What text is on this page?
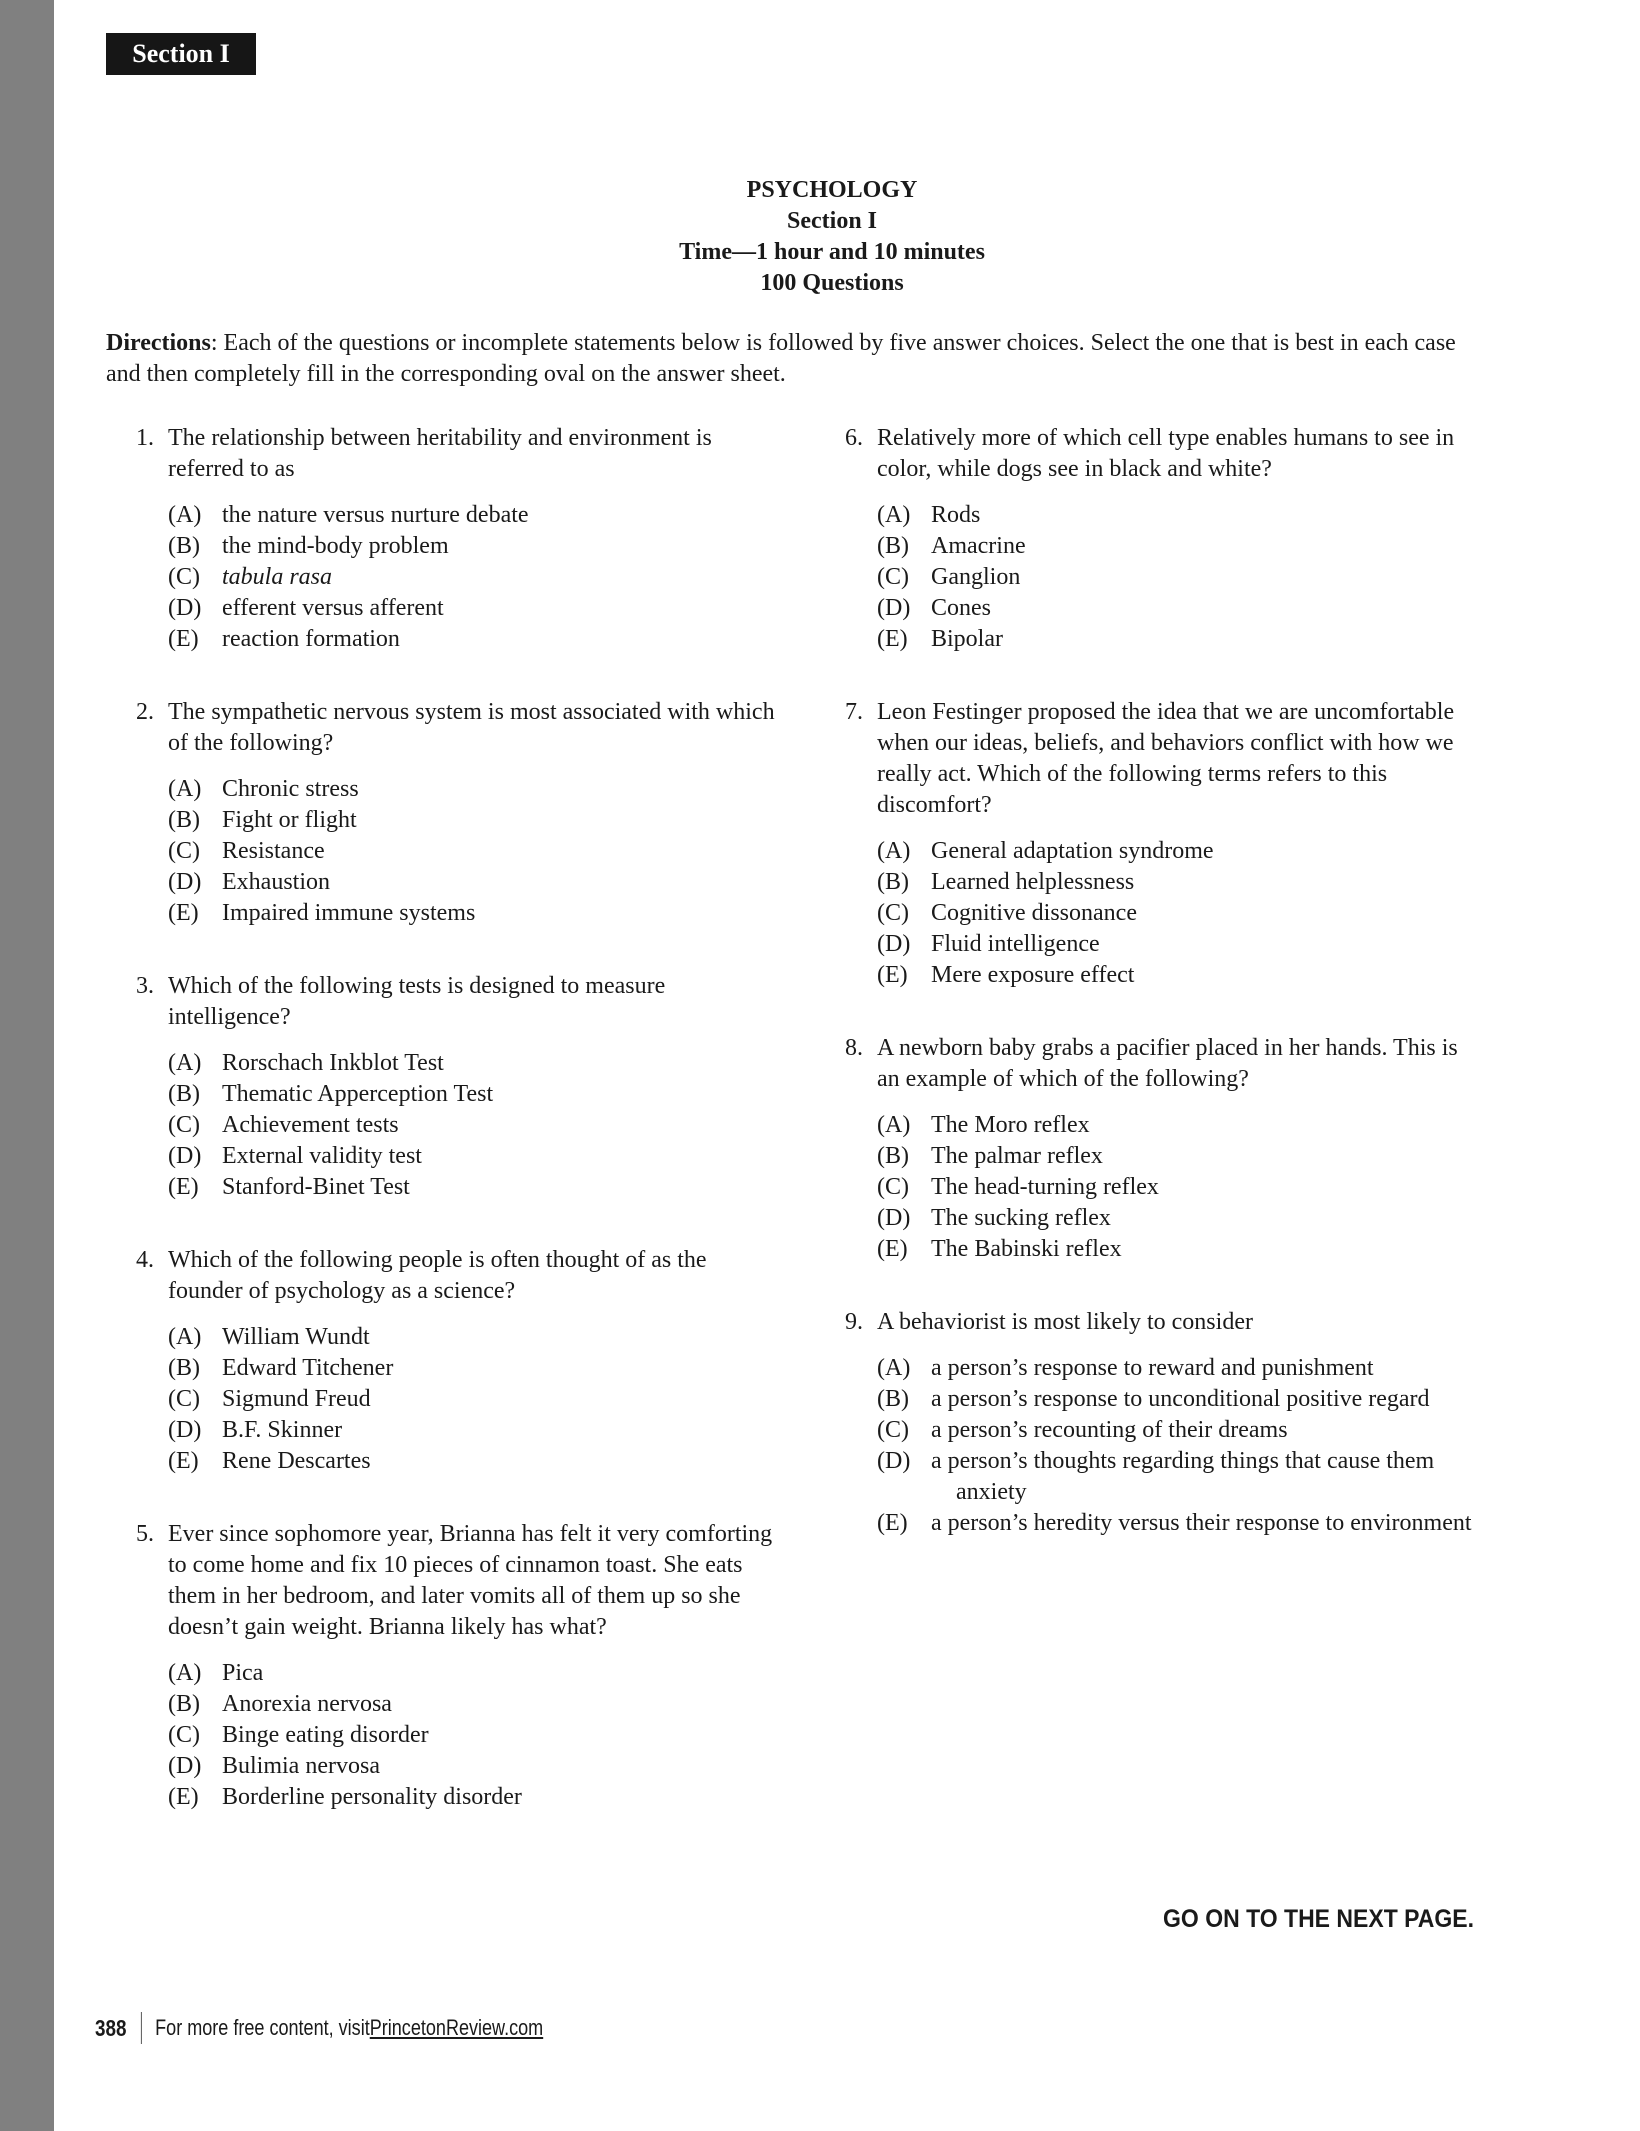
Section I
PSYCHOLOGY
Section I
Time—1 hour and 10 minutes
100 Questions
Directions: Each of the questions or incomplete statements below is followed by five answer choices. Select the one that is best in each case and then completely fill in the corresponding oval on the answer sheet.
1. The relationship between heritability and environment is referred to as
(A) the nature versus nurture debate
(B) the mind-body problem
(C) tabula rasa
(D) efferent versus afferent
(E) reaction formation
2. The sympathetic nervous system is most associated with which of the following?
(A) Chronic stress
(B) Fight or flight
(C) Resistance
(D) Exhaustion
(E) Impaired immune systems
3. Which of the following tests is designed to measure intelligence?
(A) Rorschach Inkblot Test
(B) Thematic Apperception Test
(C) Achievement tests
(D) External validity test
(E) Stanford-Binet Test
4. Which of the following people is often thought of as the founder of psychology as a science?
(A) William Wundt
(B) Edward Titchener
(C) Sigmund Freud
(D) B.F. Skinner
(E) Rene Descartes
5. Ever since sophomore year, Brianna has felt it very comforting to come home and fix 10 pieces of cinnamon toast. She eats them in her bedroom, and later vomits all of them up so she doesn’t gain weight. Brianna likely has what?
(A) Pica
(B) Anorexia nervosa
(C) Binge eating disorder
(D) Bulimia nervosa
(E) Borderline personality disorder
6. Relatively more of which cell type enables humans to see in color, while dogs see in black and white?
(A) Rods
(B) Amacrine
(C) Ganglion
(D) Cones
(E) Bipolar
7. Leon Festinger proposed the idea that we are uncomfortable when our ideas, beliefs, and behaviors conflict with how we really act. Which of the following terms refers to this discomfort?
(A) General adaptation syndrome
(B) Learned helplessness
(C) Cognitive dissonance
(D) Fluid intelligence
(E) Mere exposure effect
8. A newborn baby grabs a pacifier placed in her hands. This is an example of which of the following?
(A) The Moro reflex
(B) The palmar reflex
(C) The head-turning reflex
(D) The sucking reflex
(E) The Babinski reflex
9. A behaviorist is most likely to consider
(A) a person’s response to reward and punishment
(B) a person’s response to unconditional positive regard
(C) a person’s recounting of their dreams
(D) a person’s thoughts regarding things that cause them anxiety
(E) a person’s heredity versus their response to environment
GO ON TO THE NEXT PAGE.
388 For more free content, visit PrincetonReview.com
